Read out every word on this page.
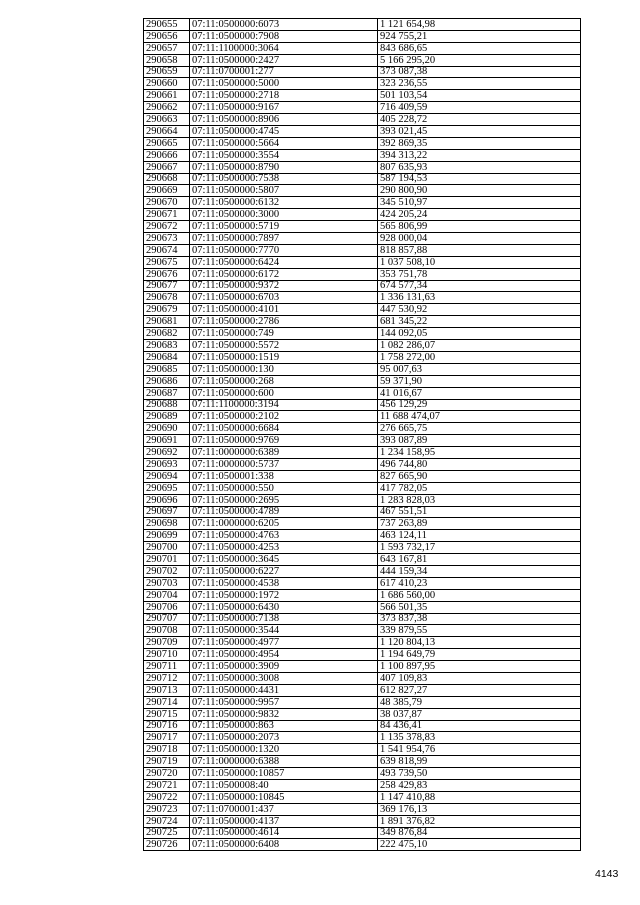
290655	07:11:0500000:6073	1 121 654,98
290656	07:11:0500000:7908	924 755,21
290657	07:11:1100000:3064	843 686,65
290658	07:11:0500000:2427	5 166 295,20
290659	07:11:0700001:277	373 087,38
290660	07:11:0500000:5000	323 236,55
290661	07:11:0500000:2718	501 103,54
290662	07:11:0500000:9167	716 409,59
290663	07:11:0500000:8906	405 228,72
290664	07:11:0500000:4745	393 021,45
290665	07:11:0500000:5664	392 869,35
290666	07:11:0500000:3554	394 313,22
290667	07:11:0500000:8790	807 635,93
290668	07:11:0500000:7538	587 194,53
290669	07:11:0500000:5807	290 800,90
290670	07:11:0500000:6132	345 510,97
290671	07:11:0500000:3000	424 205,24
290672	07:11:0500000:5719	565 806,99
290673	07:11:0500000:7897	928 000,04
290674	07:11:0500000:7770	818 857,88
290675	07:11:0500000:6424	1 037 508,10
290676	07:11:0500000:6172	353 751,78
290677	07:11:0500000:9372	674 577,34
290678	07:11:0500000:6703	1 336 131,63
290679	07:11:0500000:4101	447 530,92
290681	07:11:0500000:2786	681 345,22
290682	07:11:0500000:749	144 092,05
290683	07:11:0500000:5572	1 082 286,07
290684	07:11:0500000:1519	1 758 272,00
290685	07:11:0500000:130	95 007,63
290686	07:11:0500000:268	59 371,90
290687	07:11:0500000:600	41 016,67
290688	07:11:1100000:3194	456 129,29
290689	07:11:0500000:2102	11 688 474,07
290690	07:11:0500000:6684	276 665,75
290691	07:11:0500000:9769	393 087,89
290692	07:11:0000000:6389	1 234 158,95
290693	07:11:0000000:5737	496 744,80
290694	07:11:0500001:338	827 665,90
290695	07:11:0500000:550	417 782,05
290696	07:11:0500000:2695	1 283 828,03
290697	07:11:0500000:4789	467 551,51
290698	07:11:0000000:6205	737 263,89
290699	07:11:0500000:4763	463 124,11
290700	07:11:0500000:4253	1 593 732,17
290701	07:11:0500000:3645	643 167,81
290702	07:11:0500000:6227	444 159,34
290703	07:11:0500000:4538	617 410,23
290704	07:11:0500000:1972	1 686 560,00
290706	07:11:0500000:6430	566 501,35
290707	07:11:0500000:7138	373 837,38
290708	07:11:0500000:3544	339 879,55
290709	07:11:0500000:4977	1 120 804,13
290710	07:11:0500000:4954	1 194 649,79
290711	07:11:0500000:3909	1 100 897,95
290712	07:11:0500000:3008	407 109,83
290713	07:11:0500000:4431	612 827,27
290714	07:11:0500000:9957	48 385,79
290715	07:11:0500000:9832	38 037,87
290716	07:11:0500000:863	84 436,41
290717	07:11:0500000:2073	1 135 378,83
290718	07:11:0500000:1320	1 541 954,76
290719	07:11:0000000:6388	639 818,99
290720	07:11:0500000:10857	493 739,50
290721	07:11:0500008:40	258 429,83
290722	07:11:0500000:10845	1 147 410,88
290723	07:11:0700001:437	369 176,13
290724	07:11:0500000:4137	1 891 376,82
290725	07:11:0500000:4614	349 876,84
290726	07:11:0500000:6408	222 475,10
4143
